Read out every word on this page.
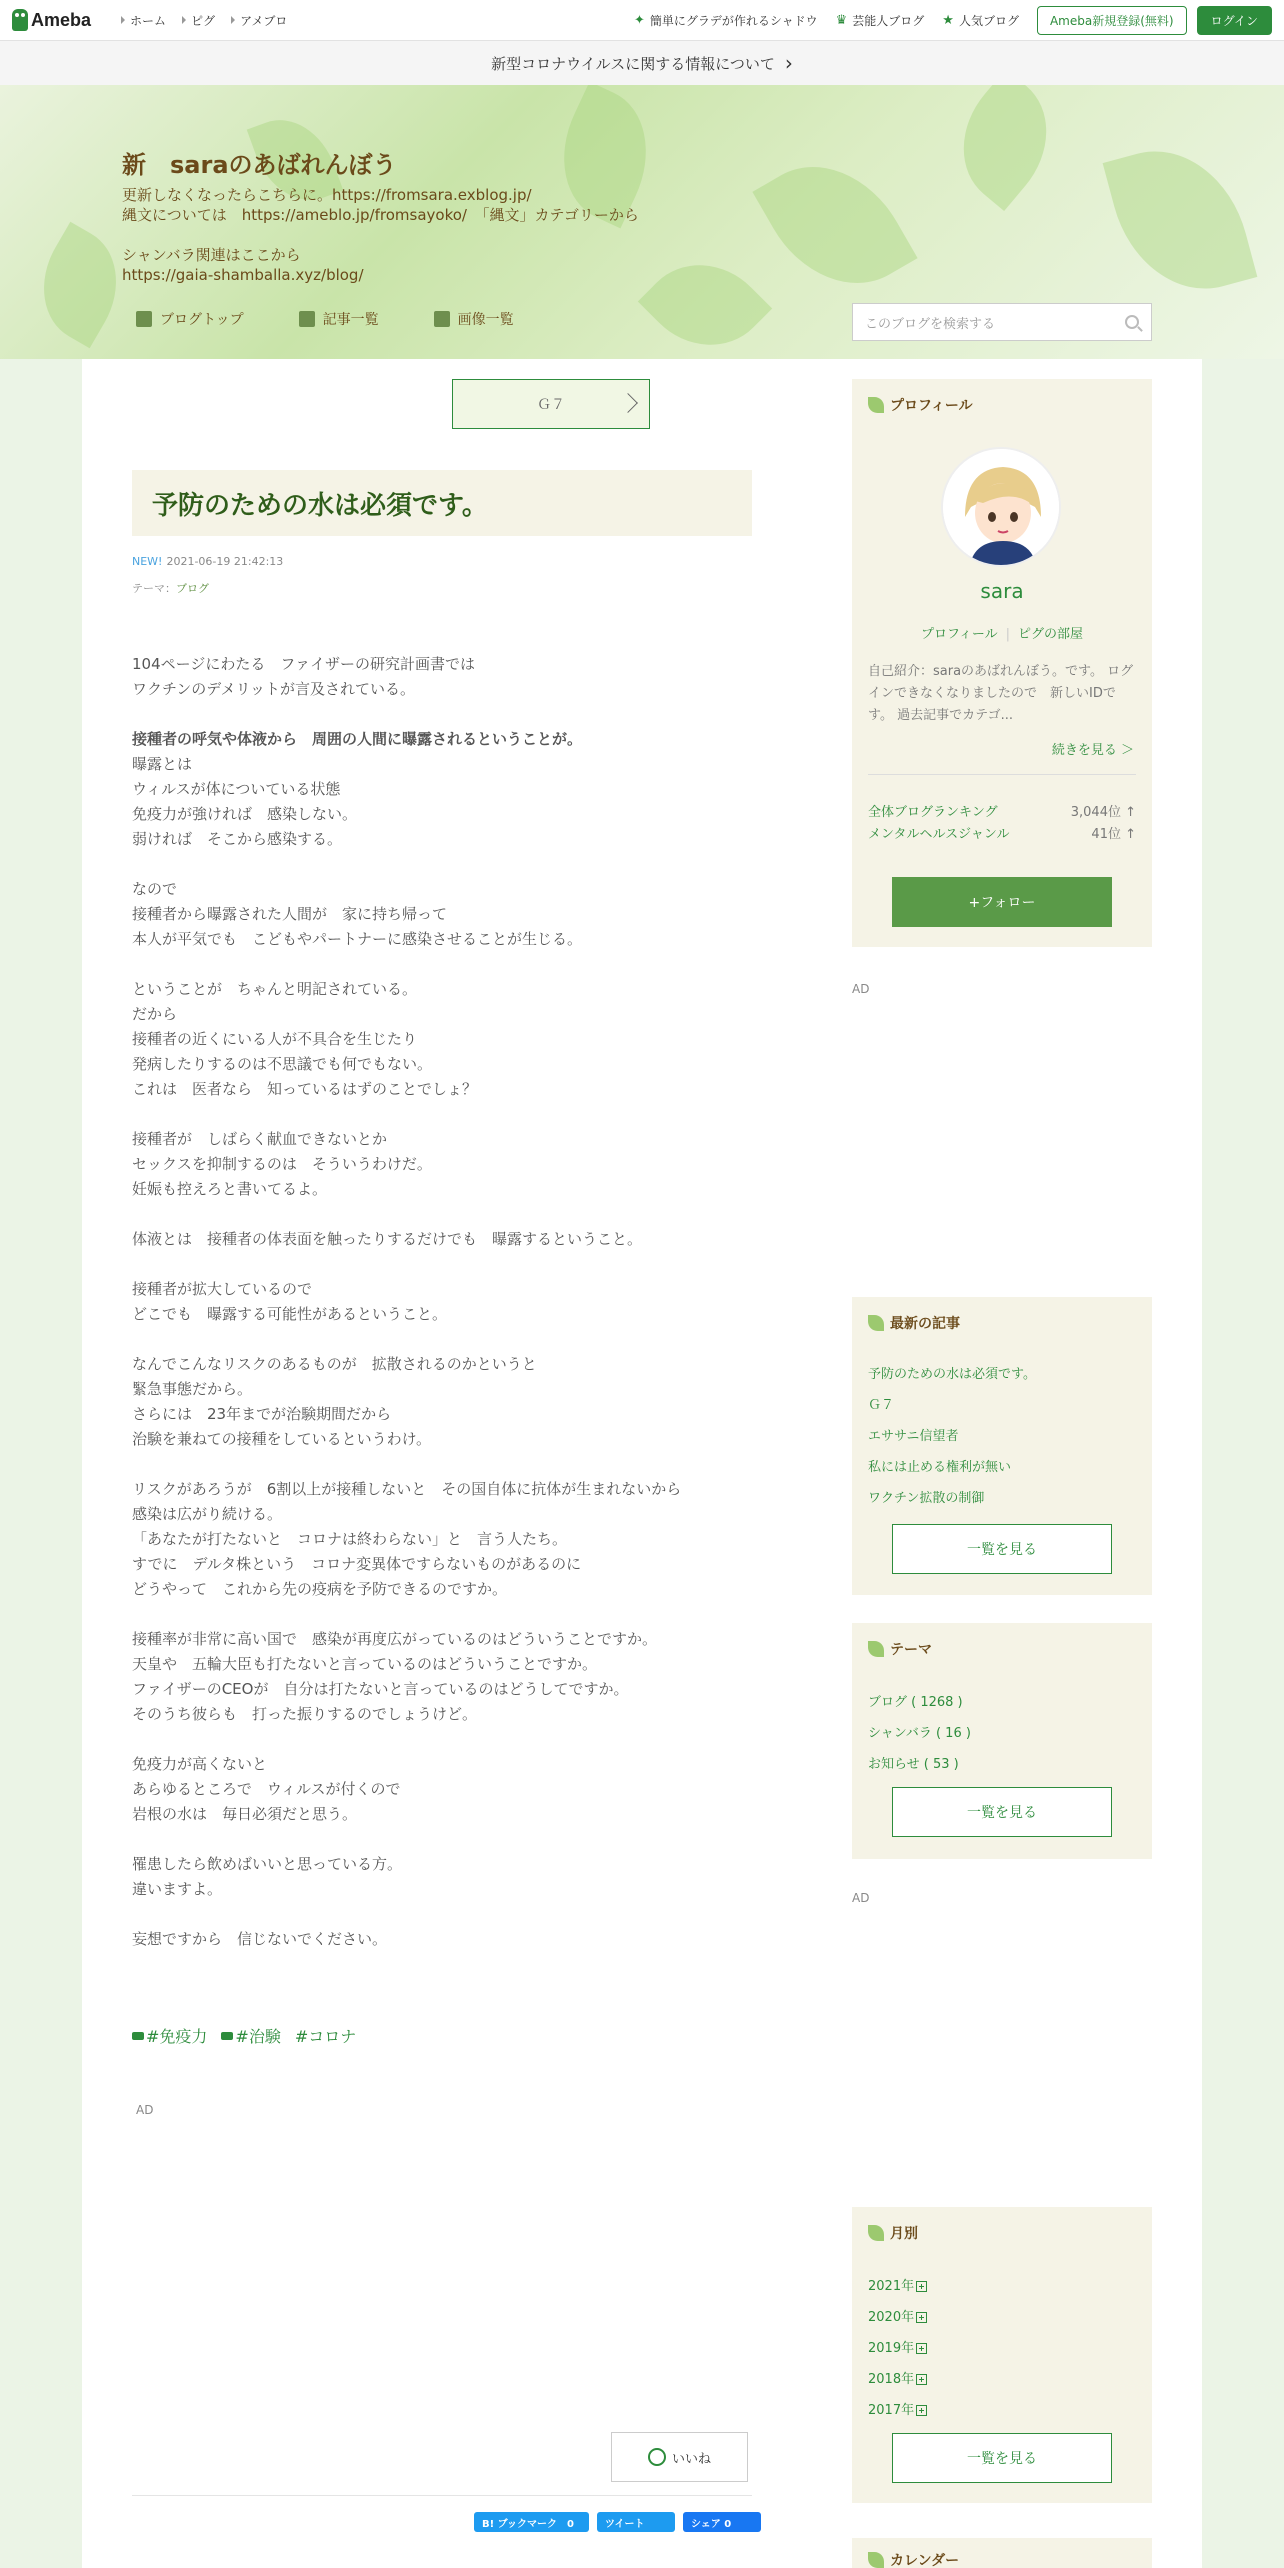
Ameba	ホーム ピグ アメブロ	✦ 簡単にグラデが作れるシャドウ ♛ 芸能人ブログ ★ 人気ブログ	Ameba新規登録(無料)	ログイン
新型コロナウイルスに関する情報について ›
新　saraのあばれんぼう
更新しなくなったらこちらに。https://fromsara.exblog.jp/
縄文については　https://ameblo.jp/fromsayoko/　「縄文」カテゴリーから
シャンバラ関連はここから
https://gaia-shamballa.xyz/blog/
ブログトップ	記事一覧	画像一覧	このブログを検索する
Ｇ７
予防のための水は必須です。
NEW! 2021-06-19 21:42:13
テーマ：ブログ
104ページにわたる　ファイザーの研究計画書では
ワクチンのデメリットが言及されている。
接種者の呼気や体液から　周囲の人間に曝露されるということが。
曝露とは
ウィルスが体についている状態
免疫力が強ければ　感染しない。
弱ければ　そこから感染する。
なので
接種者から曝露された人間が　家に持ち帰って
本人が平気でも　こどもやパートナーに感染させることが生じる。
ということが　ちゃんと明記されている。
だから
接種者の近くにいる人が不具合を生じたり
発病したりするのは不思議でも何でもない。
これは　医者なら　知っているはずのことでしょ？
接種者が　しばらく献血できないとか
セックスを抑制するのは　そういうわけだ。
妊娠も控えろと書いてるよ。
体液とは　接種者の体表面を触ったりするだけでも　曝露するということ。
接種者が拡大しているので
どこでも　曝露する可能性があるということ。
なんでこんなリスクのあるものが　拡散されるのかというと
緊急事態だから。
さらには　23年までが治験期間だから
治験を兼ねての接種をしているというわけ。
リスクがあろうが　6割以上が接種しないと　その国自体に抗体が生まれないから
感染は広がり続ける。
「あなたが打たないと　コロナは終わらない」と　言う人たち。
すでに　デルタ株という　コロナ変異体ですらないものがあるのに
どうやって　これから先の疫病を予防できるのですか。
接種率が非常に高い国で　感染が再度広がっているのはどういうことですか。
天皇や　五輪大臣も打たないと言っているのはどういうことですか。
ファイザーのCEOが　自分は打たないと言っているのはどうしてですか。
そのうち彼らも　打った振りするのでしょうけど。
免疫力が高くないと
あらゆるところで　ウィルスが付くので
岩根の水は　毎日必須だと思う。
罹患したら飲めばいいと思っている方。
違いますよ。
妄想ですから　信じないでください。
#免疫力 #治験 #コロナ
AD
いいね
B! ブックマーク　0	ツイート	シェア 0
プロフィール
sara
プロフィール | ピグの部屋
自己紹介：saraのあばれんぼう。です。 ログインできなくなりましたので　新しいIDです。 過去記事でカテゴ...
続きを見る ＞
全体ブログランキング	3,044位 ↑
メンタルヘルスジャンル	41位 ↑
+フォロー
AD
最新の記事
予防のための水は必須です。
Ｇ７
エササニ信望者
私には止める権利が無い
ワクチン拡散の制御
一覧を見る
テーマ
ブログ ( 1268 )
シャンバラ ( 16 )
お知らせ ( 53 )
一覧を見る
AD
月別
2021年
2020年
2019年
2018年
2017年
一覧を見る
カレンダー
